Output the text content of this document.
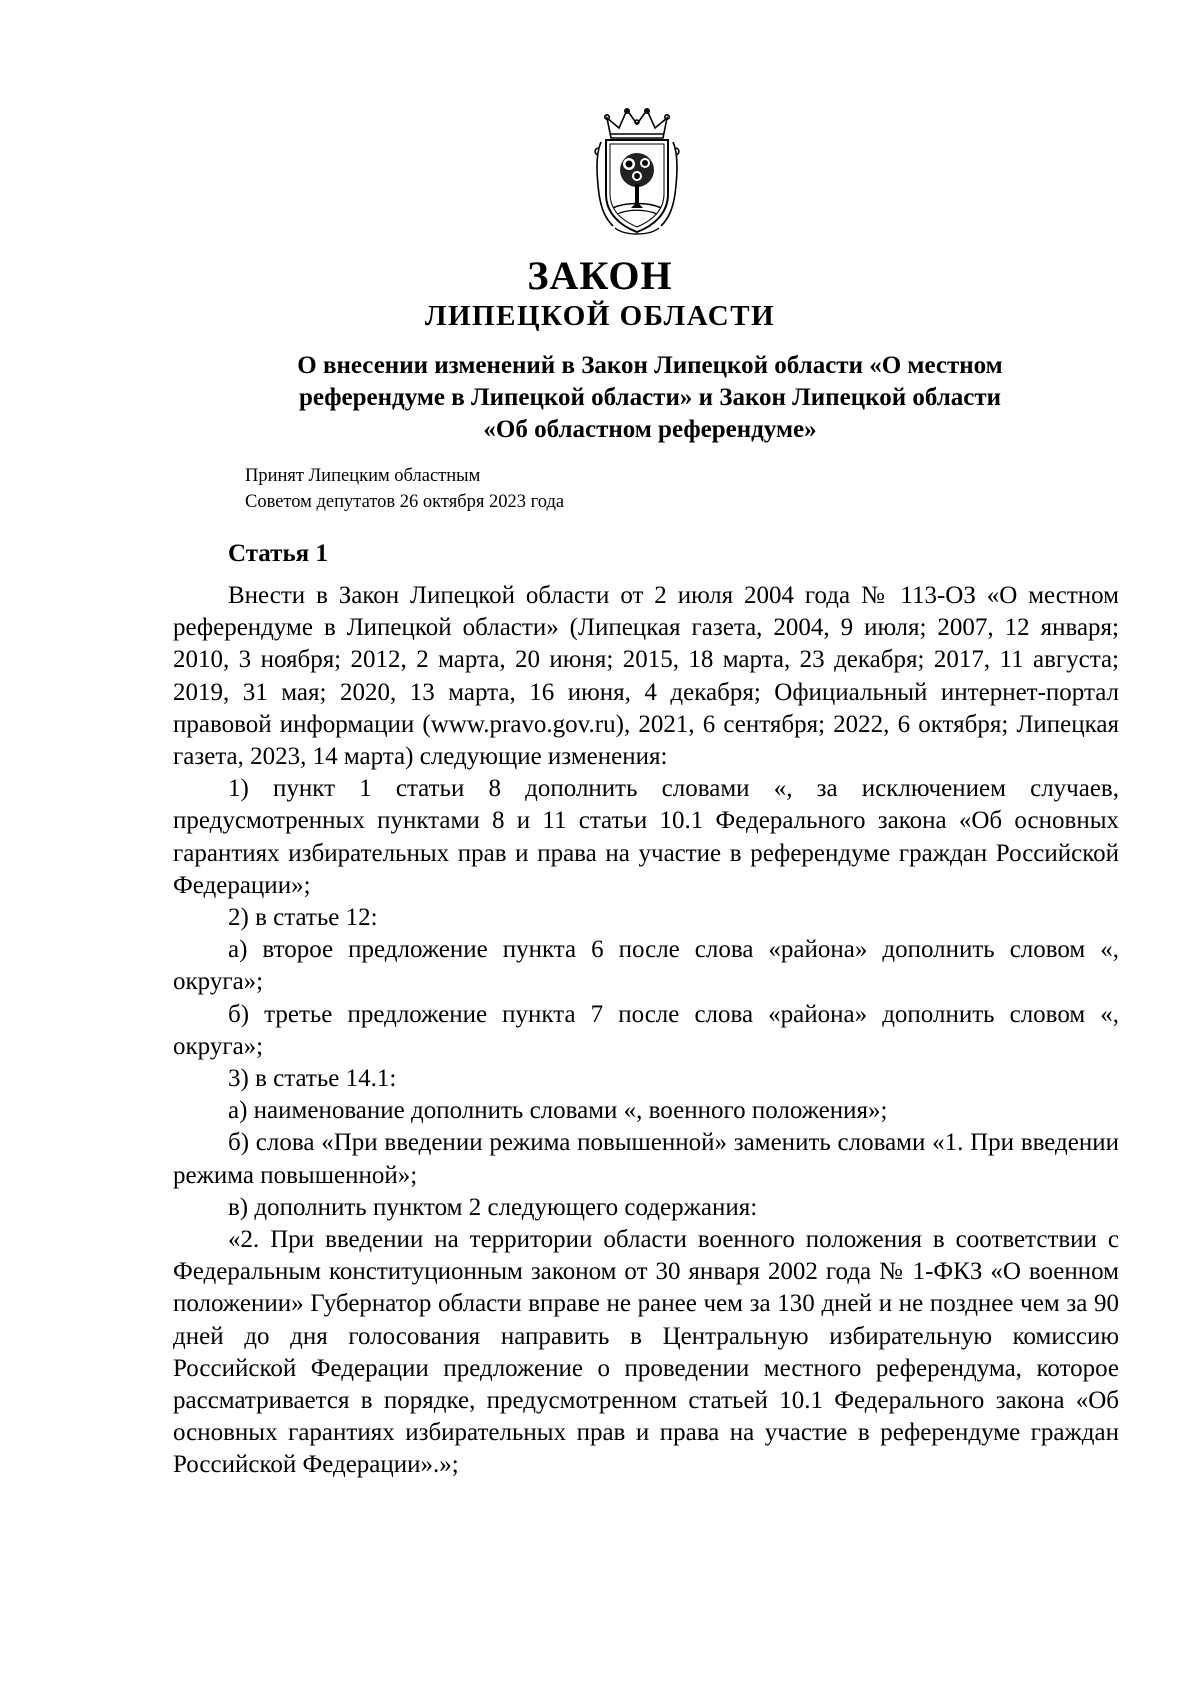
ЗАКОН
ЛИПЕЦКОЙ ОБЛАСТИ
О внесении изменений в Закон Липецкой области «О местном
референдуме в Липецкой области» и Закон Липецкой области
«Об областном референдуме»
Принят Липецким областным
Советом депутатов 26 октября 2023 года
Статья 1

Внести в Закон Липецкой области от 2 июля 2004 года № 113-ОЗ «О местном референдуме в Липецкой области» (Липецкая газета, 2004, 9 июля; 2007, 12 января; 2010, 3 ноября; 2012, 2 марта, 20 июня; 2015, 18 марта, 23 декабря; 2017, 11 августа; 2019, 31 мая; 2020, 13 марта, 16 июня, 4 декабря; Официальный интернет-портал правовой информации (www.pravo.gov.ru), 2021, 6 сентября; 2022, 6 октября; Липецкая газета, 2023, 14 марта) следующие изменения:

1) пункт 1 статьи 8 дополнить словами «, за исключением случаев, предусмотренных пунктами 8 и 11 статьи 10.1 Федерального закона «Об основных гарантиях избирательных прав и права на участие в референдуме граждан Российской Федерации»;

2) в статье 12:

а) второе предложение пункта 6 после слова «района» дополнить словом «, округа»;

б) третье предложение пункта 7 после слова «района» дополнить словом «, округа»;

3) в статье 14.1:

а) наименование дополнить словами «, военного положения»;

б) слова «При введении режима повышенной» заменить словами «1. При введении режима повышенной»;

в) дополнить пунктом 2 следующего содержания:

«2. При введении на территории области военного положения в соответствии с Федеральным конституционным законом от 30 января 2002 года № 1-ФКЗ «О военном положении» Губернатор области вправе не ранее чем за 130 дней и не позднее чем за 90 дней до дня голосования направить в Центральную избирательную комиссию Российской Федерации предложение о проведении местного референдума, которое рассматривается в порядке, предусмотренном статьей 10.1 Федерального закона «Об основных гарантиях избирательных прав и права на участие в референдуме граждан Российской Федерации».»;
